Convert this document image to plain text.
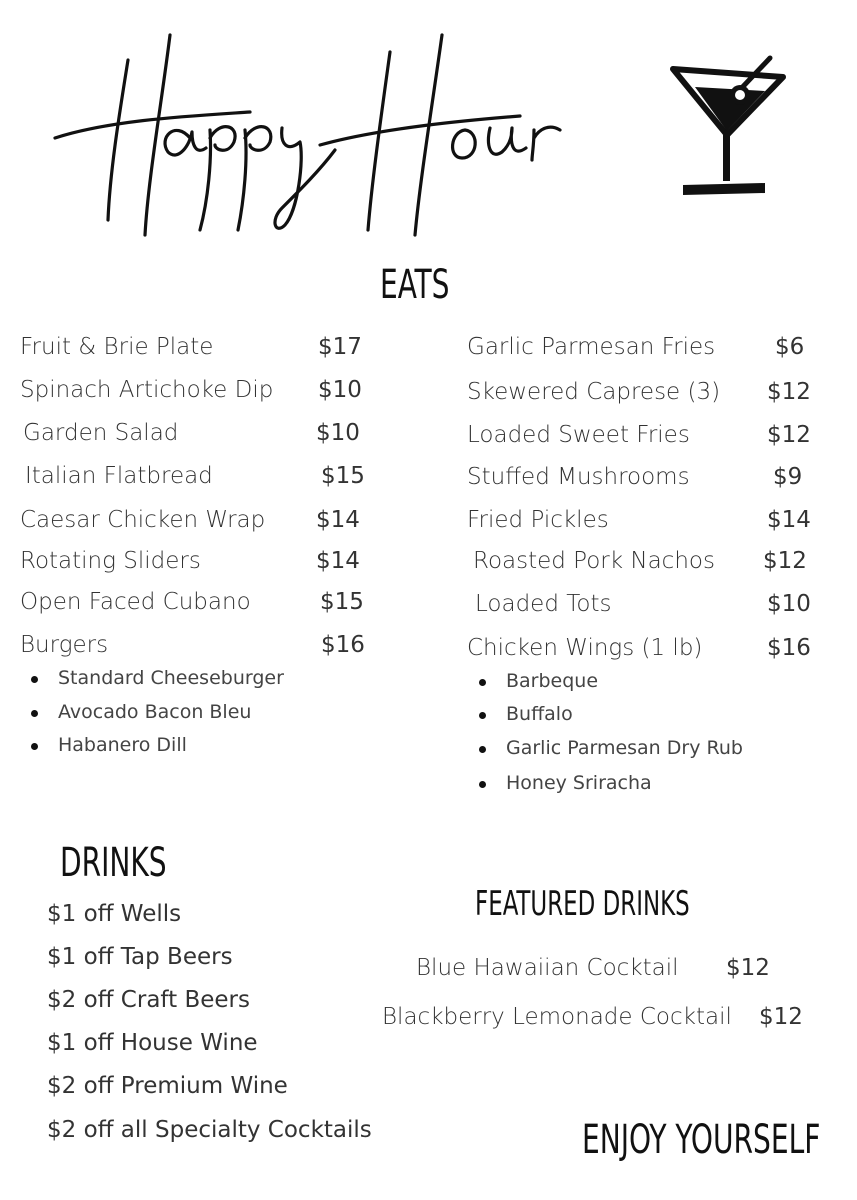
EATS
DRINKS
FEATURED DRINKS
ENJOY YOURSELF
Fruit & Brie Plate	$17
Spinach Artichoke Dip $10
Garden Salad	$10
Italian Flatbread	$15
Caesar Chicken Wrap $14
Rotating Sliders	$14
Open Faced Cubano	$15
Burgers	$16
Standard Cheeseburger
Avocado Bacon Bleu
Habanero Dill
Garlic Parmesan Fries	$6
Skewered Caprese (3) $12
Loaded Sweet Fries	$12
Stuffed Mushrooms	$9
Fried Pickles	$14
Roasted Pork Nachos $12
Loaded Tots	$10
Chicken Wings (1 lb)	$16
Barbeque
Buffalo
Garlic Parmesan Dry Rub
Honey Sriracha
$1 off Wells
$1 off Tap Beers
$2 off Craft Beers
$1 off House Wine
$2 off Premium Wine
$2 off all Specialty Cocktails
Blue Hawaiian Cocktail $12
Blackberry Lemonade Cocktail $12
